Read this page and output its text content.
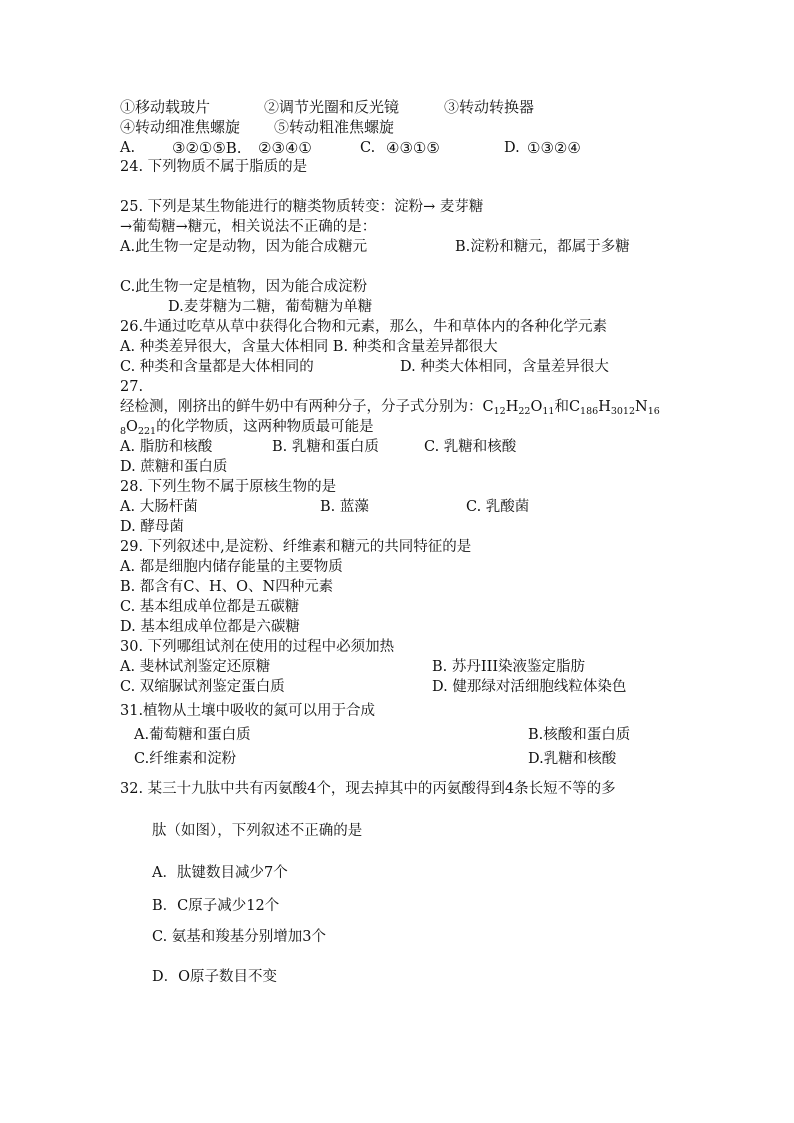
①移动载玻片	②调节光圈和反光镜	③转动转换器
④转动细准焦螺旋 ⑤转动粗准焦螺旋
A. ③②①⑤B. ②③④①	C. ④③①⑤	D. ①③②④
24. 下列物质不属于脂质的是
25. 下列是某生物能进行的糖类物质转变：淀粉→ 麦芽糖
→葡萄糖→糖元，相关说法不正确的是：
A.此生物一定是动物，因为能合成糖元	B.淀粉和糖元，都属于多糖
C.此生物一定是植物，因为能合成淀粉
D.麦芽糖为二糖，葡萄糖为单糖
26.牛通过吃草从草中获得化合物和元素，那么，牛和草体内的各种化学元素
A. 种类差异很大，含量大体相同 B. 种类和含量差异都很大
C. 种类和含量都是大体相同的	D. 种类大体相同，含量差异很大
27.
经检测，刚挤出的鲜牛奶中有两种分子，分子式分别为：$C_{12}H_{22}O_{11}$和$C_{186}H_{3012}N_{16}$
$_8O_{221}$的化学物质，这两种物质最可能是
A. 脂肪和核酸	B. 乳糖和蛋白质	C. 乳糖和核酸
D. 蔗糖和蛋白质
28. 下列生物不属于原核生物的是
A. 大肠杆菌	B. 蓝藻	C. 乳酸菌
D. 酵母菌
29. 下列叙述中,是淀粉、纤维素和糖元的共同特征的是
A. 都是细胞内储存能量的主要物质
B. 都含有C、H、O、N四种元素
C. 基本组成单位都是五碳糖
D. 基本组成单位都是六碳糖
30. 下列哪组试剂在使用的过程中必须加热
A. 斐林试剂鉴定还原糖	B. 苏丹III染液鉴定脂肪
C. 双缩脲试剂鉴定蛋白质	D. 健那绿对活细胞线粒体染色
31.植物从土壤中吸收的氮可以用于合成
A.葡萄糖和蛋白质	B.核酸和蛋白质
C.纤维素和淀粉	D.乳糖和核酸
32. 某三十九肽中共有丙氨酸4个，现去掉其中的丙氨酸得到4条长短不等的多
肽（如图），下列叙述不正确的是
A．肽键数目减少7个
B．C原子减少12个
C. 氨基和羧基分别增加3个
D．O原子数目不变
